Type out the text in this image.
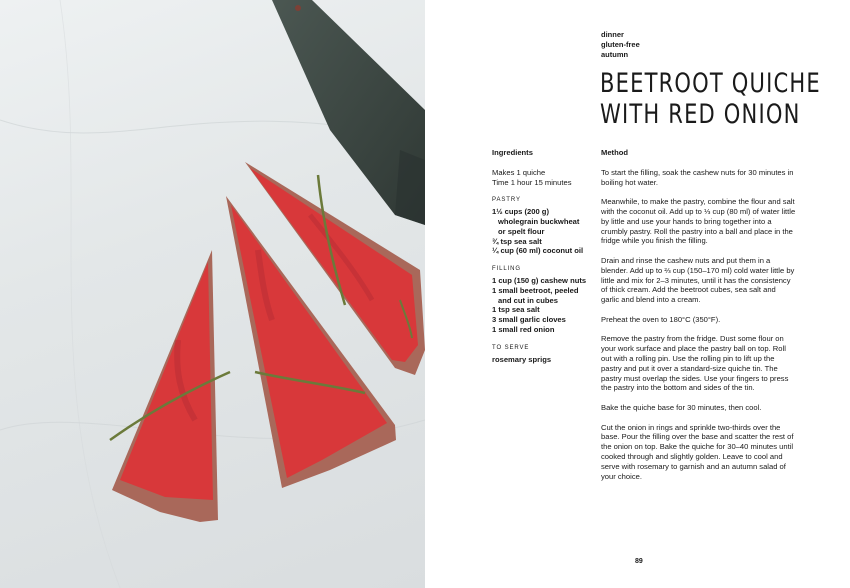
dinner
gluten-free
autumn
BEETROOT QUICHE
WITH RED ONION
Ingredients
Makes 1 quiche
Time 1 hour 15 minutes
PASTRY
1½ cups (200 g)
wholegrain buckwheat
or spelt flour
¾ tsp sea salt
¼ cup (60 ml) coconut oil
FILLING
1 cup (150 g) cashew nuts
1 small beetroot, peeled
and cut in cubes
1 tsp sea salt
3 small garlic cloves
1 small red onion
TO SERVE
rosemary sprigs
Method

To start the filling, soak the cashew nuts for 30 minutes in boiling hot water.

Meanwhile, to make the pastry, combine the flour and salt with the coconut oil. Add up to ⅓ cup (80 ml) of water little by little and use your hands to bring together into a crumbly pastry. Roll the pastry into a ball and place in the fridge while you finish the filling.

Drain and rinse the cashew nuts and put them in a blender. Add up to ⅔ cup (150–170 ml) cold water little by little and mix for 2–3 minutes, until it has the consistency of thick cream. Add the beetroot cubes, sea salt and garlic and blend into a cream.

Preheat the oven to 180°C (350°F).

Remove the pastry from the fridge. Dust some flour on your work surface and place the pastry ball on top. Roll out with a rolling pin. Use the rolling pin to lift up the pastry and put it over a standard-size quiche tin. The pastry must overlap the sides. Use your fingers to press the pastry into the bottom and sides of the tin.

Bake the quiche base for 30 minutes, then cool.

Cut the onion in rings and sprinkle two-thirds over the base. Pour the filling over the base and scatter the rest of the onion on top. Bake the quiche for 30–40 minutes until cooked through and slightly golden. Leave to cool and serve with rosemary to garnish and an autumn salad of your choice.

89
